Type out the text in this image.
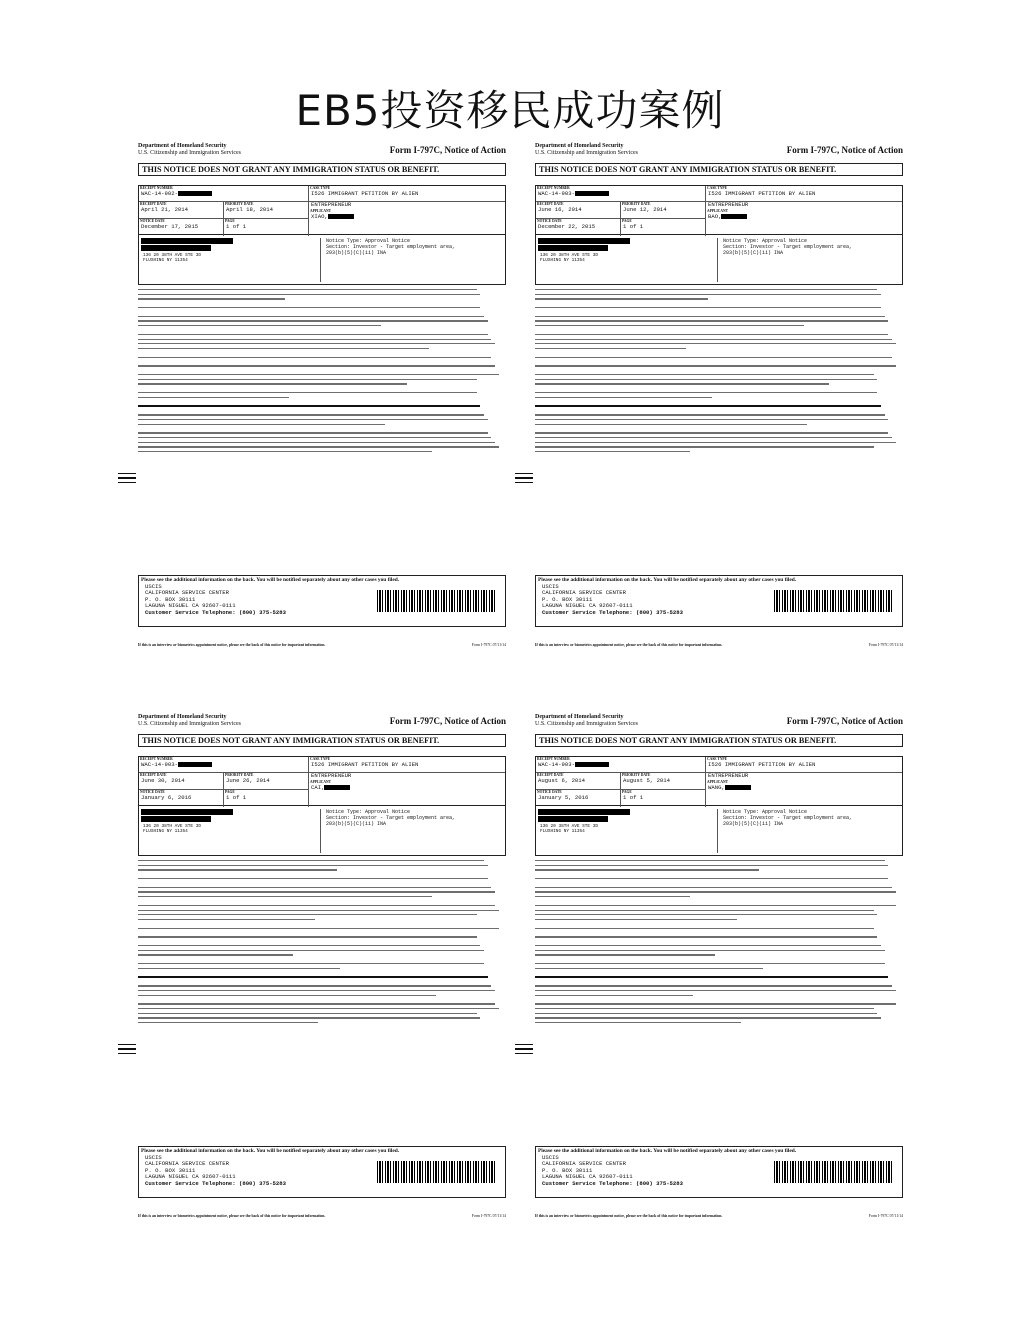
EB5投资移民成功案例
Department of Homeland Security
U.S. Citizenship and Immigration Services	Form I-797C, Notice of Action
THIS NOTICE DOES NOT GRANT ANY IMMIGRATION STATUS OR BENEFIT.
RECEIPT NUMBER
WAC-14-902-
CASE TYPE
I526 IMMIGRANT PETITION BY ALIEN
RECEIPT DATE
April 21, 2014
PRIORITY DATE
April 18, 2014
ENTREPRENEUR
APPLICANT
XIAO,
NOTICE DATE
December 17, 2015
PAGE
1 of 1
136 20 38TH AVE STE 3D
FLUSHING NY 11354
Notice Type: Approval Notice
Section: Investor - Target employment area,
203(b)(5)(C)(ii) INA
Please see the additional information on the back. You will be notified separately about any other cases you filed.
USCIS
CALIFORNIA SERVICE CENTER
P. O. BOX 30111
LAGUNA NIGUEL CA 92607-0111
Customer Service Telephone: (800) 375-5283
If this is an interview or biometrics appointment notice, please see the back of this notice for important information.	Form I-797C 07/11/14
Department of Homeland Security
U.S. Citizenship and Immigration Services	Form I-797C, Notice of Action
THIS NOTICE DOES NOT GRANT ANY IMMIGRATION STATUS OR BENEFIT.
RECEIPT NUMBER
WAC-14-903-
CASE TYPE
I526 IMMIGRANT PETITION BY ALIEN
RECEIPT DATE
June 16, 2014
PRIORITY DATE
June 12, 2014
ENTREPRENEUR
APPLICANT
BAO,
NOTICE DATE
December 22, 2015
PAGE
1 of 1
136 20 38TH AVE STE 3D
FLUSHING NY 11354
Notice Type: Approval Notice
Section: Investor - Target employment area,
203(b)(5)(C)(ii) INA
Please see the additional information on the back. You will be notified separately about any other cases you filed.
USCIS
CALIFORNIA SERVICE CENTER
P. O. BOX 30111
LAGUNA NIGUEL CA 92607-0111
Customer Service Telephone: (800) 375-5283
If this is an interview or biometrics appointment notice, please see the back of this notice for important information.	Form I-797C 07/11/14
Department of Homeland Security
U.S. Citizenship and Immigration Services	Form I-797C, Notice of Action
THIS NOTICE DOES NOT GRANT ANY IMMIGRATION STATUS OR BENEFIT.
RECEIPT NUMBER
WAC-14-903-
CASE TYPE
I526 IMMIGRANT PETITION BY ALIEN
RECEIPT DATE
June 30, 2014
PRIORITY DATE
June 26, 2014
ENTREPRENEUR
APPLICANT
CAI,
NOTICE DATE
January 6, 2016
PAGE
1 of 1
136 20 38TH AVE STE 3D
FLUSHING NY 11354
Notice Type: Approval Notice
Section: Investor - Target employment area,
203(b)(5)(C)(ii) INA
Please see the additional information on the back. You will be notified separately about any other cases you filed.
USCIS
CALIFORNIA SERVICE CENTER
P. O. BOX 30111
LAGUNA NIGUEL CA 92607-0111
Customer Service Telephone: (800) 375-5283
If this is an interview or biometrics appointment notice, please see the back of this notice for important information.	Form I-797C 07/11/14
Department of Homeland Security
U.S. Citizenship and Immigration Services	Form I-797C, Notice of Action
THIS NOTICE DOES NOT GRANT ANY IMMIGRATION STATUS OR BENEFIT.
RECEIPT NUMBER
WAC-14-903-
CASE TYPE
I526 IMMIGRANT PETITION BY ALIEN
RECEIPT DATE
August 6, 2014
PRIORITY DATE
August 5, 2014
ENTREPRENEUR
APPLICANT
WANG,
NOTICE DATE
January 5, 2016
PAGE
1 of 1
136 20 38TH AVE STE 3D
FLUSHING NY 11354
Notice Type: Approval Notice
Section: Investor - Target employment area,
203(b)(5)(C)(ii) INA
Please see the additional information on the back. You will be notified separately about any other cases you filed.
USCIS
CALIFORNIA SERVICE CENTER
P. O. BOX 30111
LAGUNA NIGUEL CA 92607-0111
Customer Service Telephone: (800) 375-5283
If this is an interview or biometrics appointment notice, please see the back of this notice for important information.	Form I-797C 07/11/14
